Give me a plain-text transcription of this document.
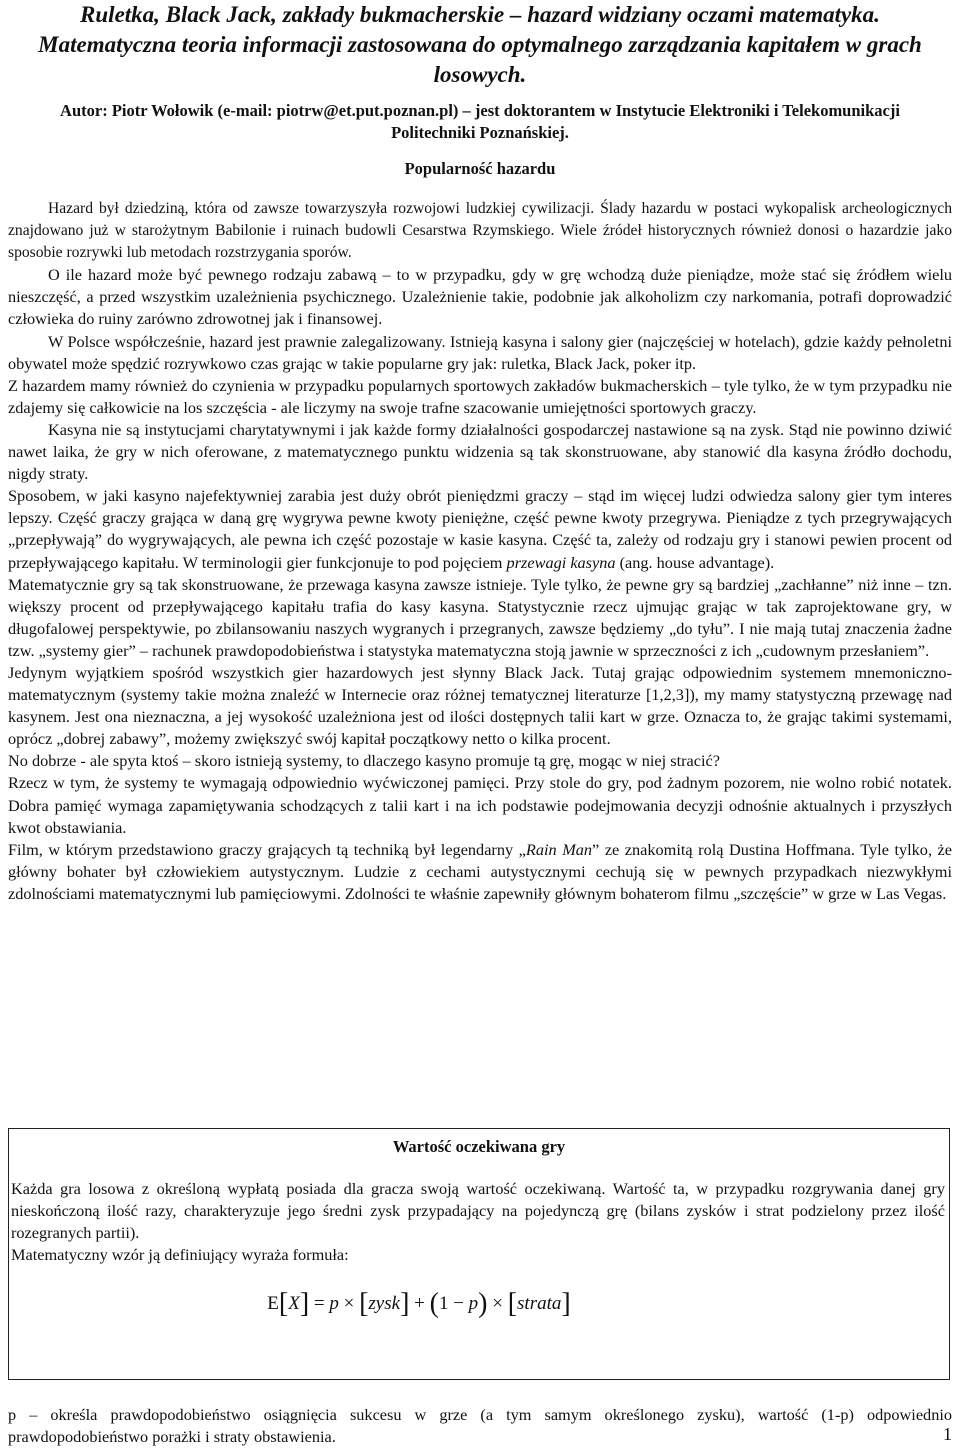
Ruletka, Black Jack, zakłady bukmacherskie – hazard widziany oczami matematyka.
Matematyczna teoria informacji zastosowana do optymalnego zarządzania kapitałem w grach losowych.
Autor: Piotr Wołowik (e-mail: piotrw@et.put.poznan.pl) – jest doktorantem w Instytucie Elektroniki i Telekomunikacji Politechniki Poznańskiej.
Popularność hazardu

Hazard był dziedziną, która od zawsze towarzyszyła rozwojowi ludzkiej cywilizacji. Ślady hazardu w postaci wykopalisk archeologicznych znajdowano już w starożytnym Babilonie i ruinach budowli Cesarstwa Rzymskiego. Wiele źródeł historycznych również donosi o hazardzie jako sposobie rozrywki lub metodach rozstrzygania sporów.

O ile hazard może być pewnego rodzaju zabawą – to w przypadku, gdy w grę wchodzą duże pieniądze, może stać się źródłem wielu nieszczęść, a przed wszystkim uzależnienia psychicznego. Uzależnienie takie, podobnie jak alkoholizm czy narkomania, potrafi doprowadzić człowieka do ruiny zarówno zdrowotnej jak i finansowej.

W Polsce współcześnie, hazard jest prawnie zalegalizowany. Istnieją kasyna i salony gier (najczęściej w hotelach), gdzie każdy pełnoletni obywatel może spędzić rozrywkowo czas grając w takie popularne gry jak: ruletka, Black Jack, poker itp.

Z hazardem mamy również do czynienia w przypadku popularnych sportowych zakładów bukmacherskich – tyle tylko, że w tym przypadku nie zdajemy się całkowicie na los szczęścia - ale liczymy na swoje trafne szacowanie umiejętności sportowych graczy.

Kasyna nie są instytucjami charytatywnymi i jak każde formy działalności gospodarczej nastawione są na zysk. Stąd nie powinno dziwić nawet laika, że gry w nich oferowane, z matematycznego punktu widzenia są tak skonstruowane, aby stanowić dla kasyna źródło dochodu, nigdy straty.

Sposobem, w jaki kasyno najefektywniej zarabia jest duży obrót pieniędzmi graczy – stąd im więcej ludzi odwiedza salony gier tym interes lepszy. Część graczy grająca w daną grę wygrywa pewne kwoty pieniężne, część pewne kwoty przegrywa. Pieniądze z tych przegrywających „przepływają” do wygrywających, ale pewna ich część pozostaje w kasie kasyna. Część ta, zależy od rodzaju gry i stanowi pewien procent od przepływającego kapitału. W terminologii gier funkcjonuje to pod pojęciem przewagi kasyna (ang. house advantage).

Matematycznie gry są tak skonstruowane, że przewaga kasyna zawsze istnieje. Tyle tylko, że pewne gry są bardziej „zachłanne” niż inne – tzn. większy procent od przepływającego kapitału trafia do kasy kasyna. Statystycznie rzecz ujmując grając w tak zaprojektowane gry, w długofalowej perspektywie, po zbilansowaniu naszych wygranych i przegranych, zawsze będziemy „do tyłu”. I nie mają tutaj znaczenia żadne tzw. „systemy gier” – rachunek prawdopodobieństwa i statystyka matematyczna stoją jawnie w sprzeczności z ich „cudownym przesłaniem”.

Jedynym wyjątkiem spośród wszystkich gier hazardowych jest słynny Black Jack. Tutaj grając odpowiednim systemem mnemoniczno-matematycznym (systemy takie można znaleźć w Internecie oraz różnej tematycznej literaturze [1,2,3]), my mamy statystyczną przewagę nad kasynem. Jest ona nieznaczna, a jej wysokość uzależniona jest od ilości dostępnych talii kart w grze. Oznacza to, że grając takimi systemami, oprócz „dobrej zabawy”, możemy zwiększyć swój kapitał początkowy netto o kilka procent.

No dobrze - ale spyta ktoś – skoro istnieją systemy, to dlaczego kasyno promuje tą grę, mogąc w niej stracić?

Rzecz w tym, że systemy te wymagają odpowiednio wyćwiczonej pamięci. Przy stole do gry, pod żadnym pozorem, nie wolno robić notatek. Dobra pamięć wymaga zapamiętywania schodzących z talii kart i na ich podstawie podejmowania decyzji odnośnie aktualnych i przyszłych kwot obstawiania.

Film, w którym przedstawiono graczy grających tą techniką był legendarny „Rain Man” ze znakomitą rolą Dustina Hoffmana. Tyle tylko, że główny bohater był człowiekiem autystycznym. Ludzie z cechami autystycznymi cechują się w pewnych przypadkach niezwykłymi zdolnościami matematycznymi lub pamięciowymi. Zdolności te właśnie zapewniły głównym bohaterom filmu „szczęście” w grze w Las Vegas.

Wartość oczekiwana gry

Każda gra losowa z określoną wypłatą posiada dla gracza swoją wartość oczekiwaną. Wartość ta, w przypadku rozgrywania danej gry nieskończoną ilość razy, charakteryzuje jego średni zysk przypadający na pojedynczą grę (bilans zysków i strat podzielony przez ilość rozegranych partii).

Matematyczny wzór ją definiujący wyraża formuła:

E[X] = p × [zysk] + (1 − p) × [strata]
p – określa prawdopodobieństwo osiągnięcia sukcesu w grze (a tym samym określonego zysku), wartość (1-p) odpowiednio prawdopodobieństwo porażki i straty obstawienia.	1
